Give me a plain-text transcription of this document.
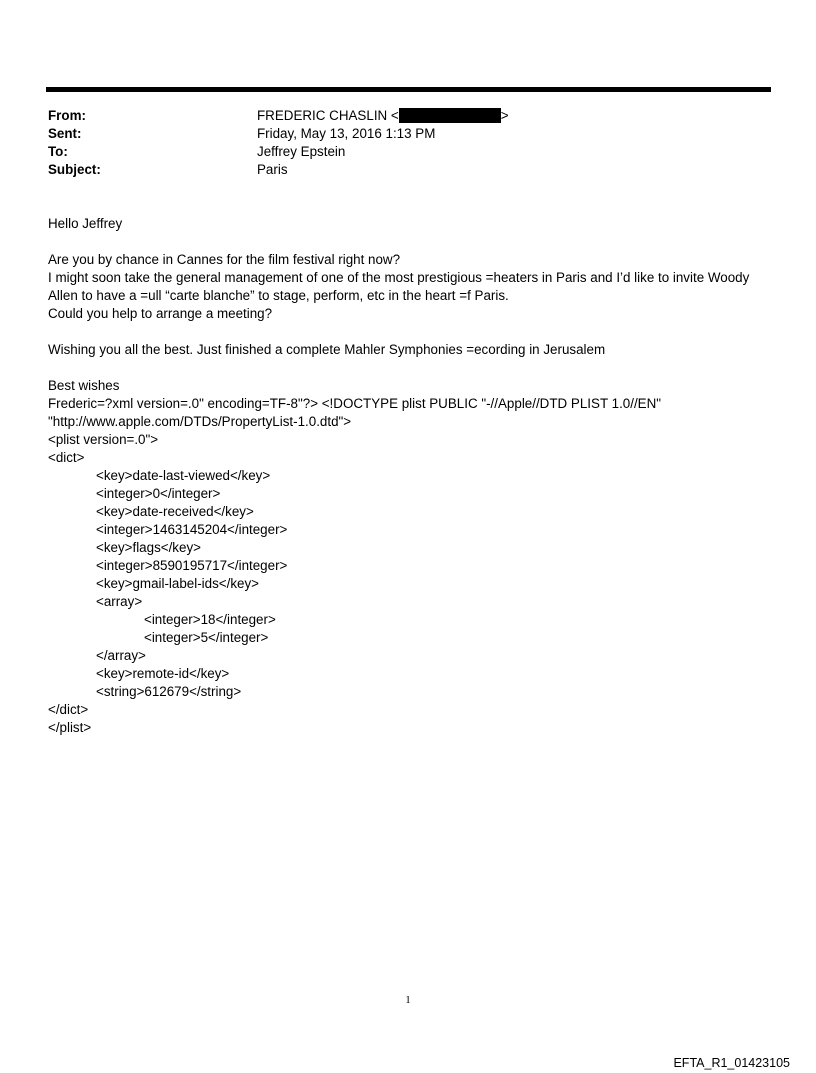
From:	FREDERIC CHASLIN <	>
Sent:	Friday, May 13, 2016 1:13 PM
To:	Jeffrey Epstein
Subject:	Paris

Hello Jeffrey

Are you by chance in Cannes for the film festival right now?
I might soon take the general management of one of the most prestigious =heaters in Paris and I’d like to invite Woody
Allen to have a =ull “carte blanche” to stage, perform, etc in the heart =f Paris.
Could you help to arrange a meeting?

Wishing you all the best. Just finished a complete Mahler Symphonies =ecording in Jerusalem

Best wishes
Frederic=?xml version=.0" encoding=TF-8"?> <!DOCTYPE plist PUBLIC "-//Apple//DTD PLIST 1.0//EN"
"http://www.apple.com/DTDs/PropertyList-1.0.dtd">
<plist version=.0">
<dict>
<key>date-last-viewed</key>
<integer>0</integer>
<key>date-received</key>
<integer>1463145204</integer>
<key>flags</key>
<integer>8590195717</integer>
<key>gmail-label-ids</key>
<array>
<integer>18</integer>
<integer>5</integer>
</array>
<key>remote-id</key>
<string>612679</string>
</dict>
</plist>
1
EFTA_R1_01423105
